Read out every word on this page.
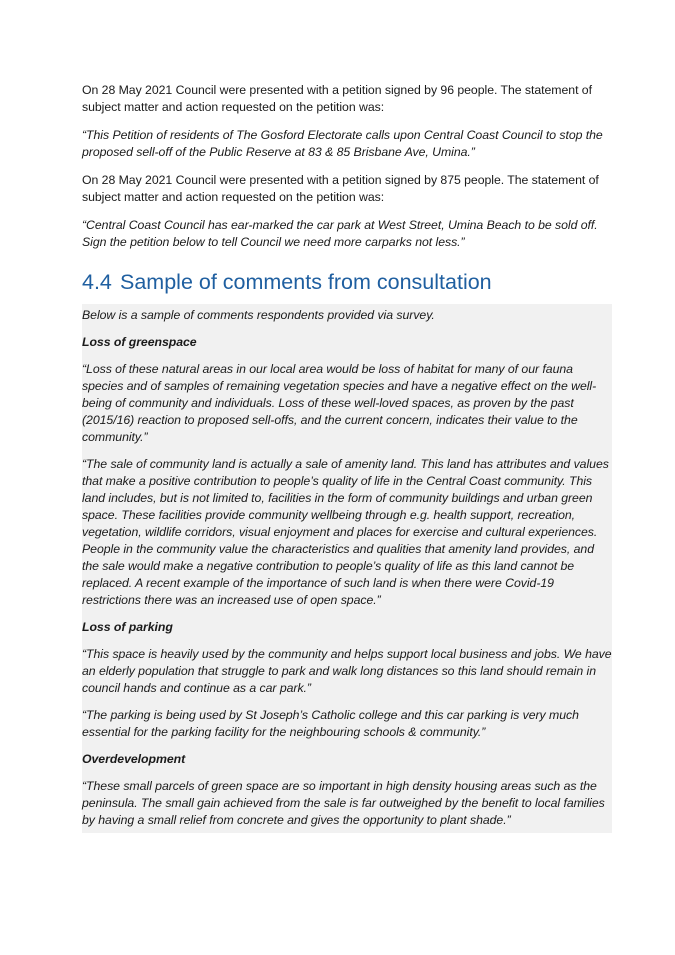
On 28 May 2021 Council were presented with a petition signed by 96 people. The statement of subject matter and action requested on the petition was:

“This Petition of residents of The Gosford Electorate calls upon Central Coast Council to stop the proposed sell-off of the Public Reserve at 83 & 85 Brisbane Ave, Umina.”

On 28 May 2021 Council were presented with a petition signed by 875 people. The statement of subject matter and action requested on the petition was:

“Central Coast Council has ear-marked the car park at West Street, Umina Beach to be sold off. Sign the petition below to tell Council we need more carparks not less.”

4.4 Sample of comments from consultation

Below is a sample of comments respondents provided via survey.

Loss of greenspace

“Loss of these natural areas in our local area would be loss of habitat for many of our fauna species and of samples of remaining vegetation species and have a negative effect on the well-being of community and individuals. Loss of these well-loved spaces, as proven by the past (2015/16) reaction to proposed sell-offs, and the current concern, indicates their value to the community.”

“The sale of community land is actually a sale of amenity land. This land has attributes and values that make a positive contribution to people’s quality of life in the Central Coast community. This land includes, but is not limited to, facilities in the form of community buildings and urban green space. These facilities provide community wellbeing through e.g. health support, recreation, vegetation, wildlife corridors, visual enjoyment and places for exercise and cultural experiences. People in the community value the characteristics and qualities that amenity land provides, and the sale would make a negative contribution to people’s quality of life as this land cannot be replaced. A recent example of the importance of such land is when there were Covid-19 restrictions there was an increased use of open space.”

Loss of parking

“This space is heavily used by the community and helps support local business and jobs. We have an elderly population that struggle to park and walk long distances so this land should remain in council hands and continue as a car park.”

“The parking is being used by St Joseph’s Catholic college and this car parking is very much essential for the parking facility for the neighbouring schools & community.”

Overdevelopment

“These small parcels of green space are so important in high density housing areas such as the peninsula. The small gain achieved from the sale is far outweighed by the benefit to local families by having a small relief from concrete and gives the opportunity to plant shade.”
